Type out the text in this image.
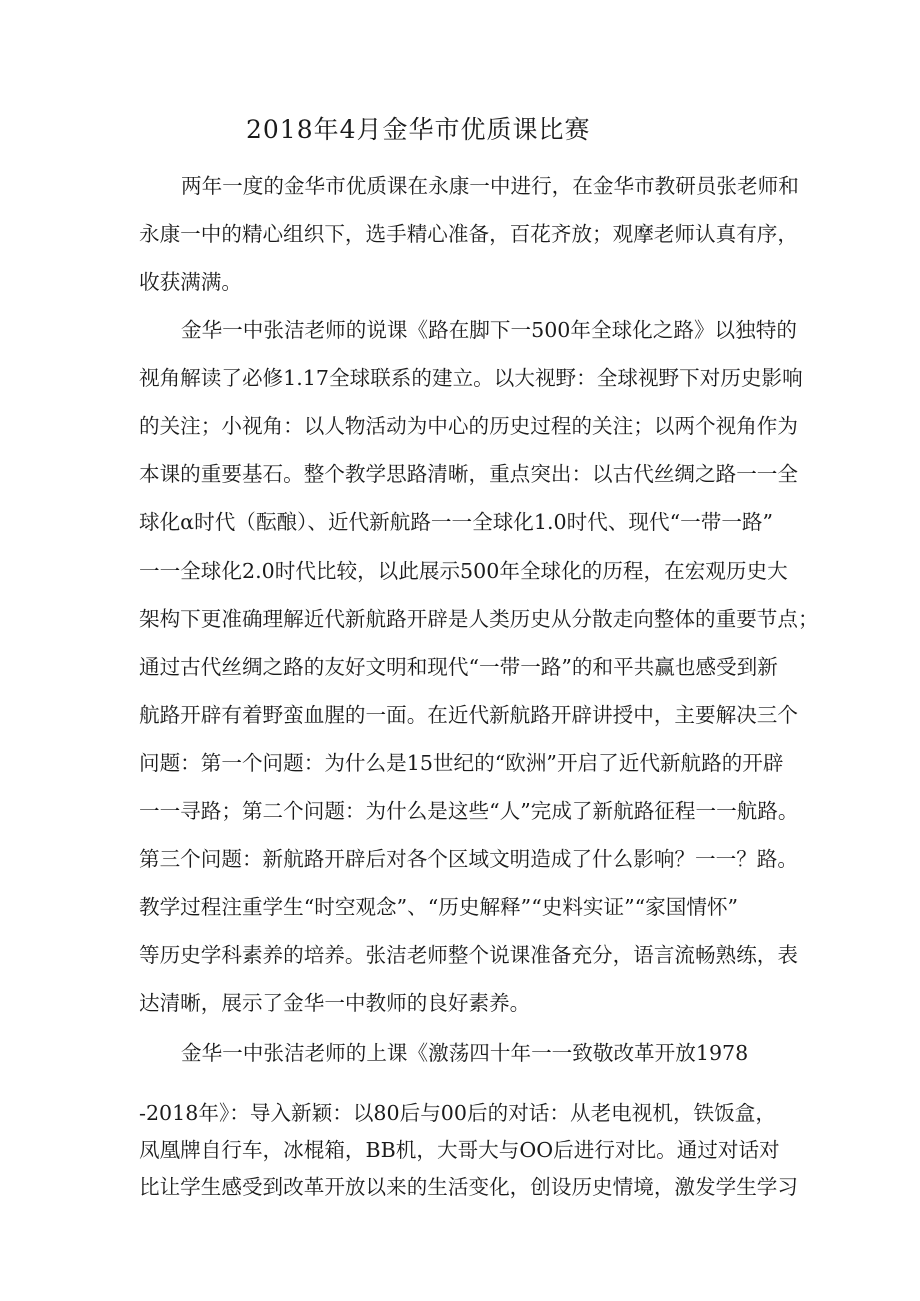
2018年4月金华市优质课比赛
两年一度的金华市优质课在永康一中进行，在金华市教研员张老师和
永康一中的精心组织下，选手精心准备，百花齐放；观摩老师认真有序，
收获满满。
金华一中张洁老师的说课《路在脚下一500年全球化之路》以独特的
视角解读了必修1.17全球联系的建立。以大视野：全球视野下对历史影响
的关注；小视角：以人物活动为中心的历史过程的关注；以两个视角作为
本课的重要基石。整个教学思路清晰，重点突出：以古代丝绸之路一一全
球化α时代（酝酿）、近代新航路一一全球化1.0时代、现代“一带一路”
一一全球化2.0时代比较，以此展示500年全球化的历程，在宏观历史大
架构下更准确理解近代新航路开辟是人类历史从分散走向整体的重要节点；
通过古代丝绸之路的友好文明和现代“一带一路”的和平共赢也感受到新
航路开辟有着野蛮血腥的一面。在近代新航路开辟讲授中，主要解决三个
问题：第一个问题：为什么是15世纪的“欧洲”开启了近代新航路的开辟
一一寻路；第二个问题：为什么是这些“人”完成了新航路征程一一航路。
第三个问题：新航路开辟后对各个区域文明造成了什么影响？一一？路。
教学过程注重学生“时空观念”、“历史解释”“史料实证”“家国情怀”
等历史学科素养的培养。张洁老师整个说课准备充分，语言流畅熟练，表
达清晰，展示了金华一中教师的良好素养。
金华一中张洁老师的上课《激荡四十年一一致敬改革开放1978
-2018年》：导入新颖：以80后与00后的对话：从老电视机，铁饭盒，
凤凰牌自行车，冰棍箱，BB机，大哥大与OO后进行对比。通过对话对
比让学生感受到改革开放以来的生活变化，创设历史情境，激发学生学习
